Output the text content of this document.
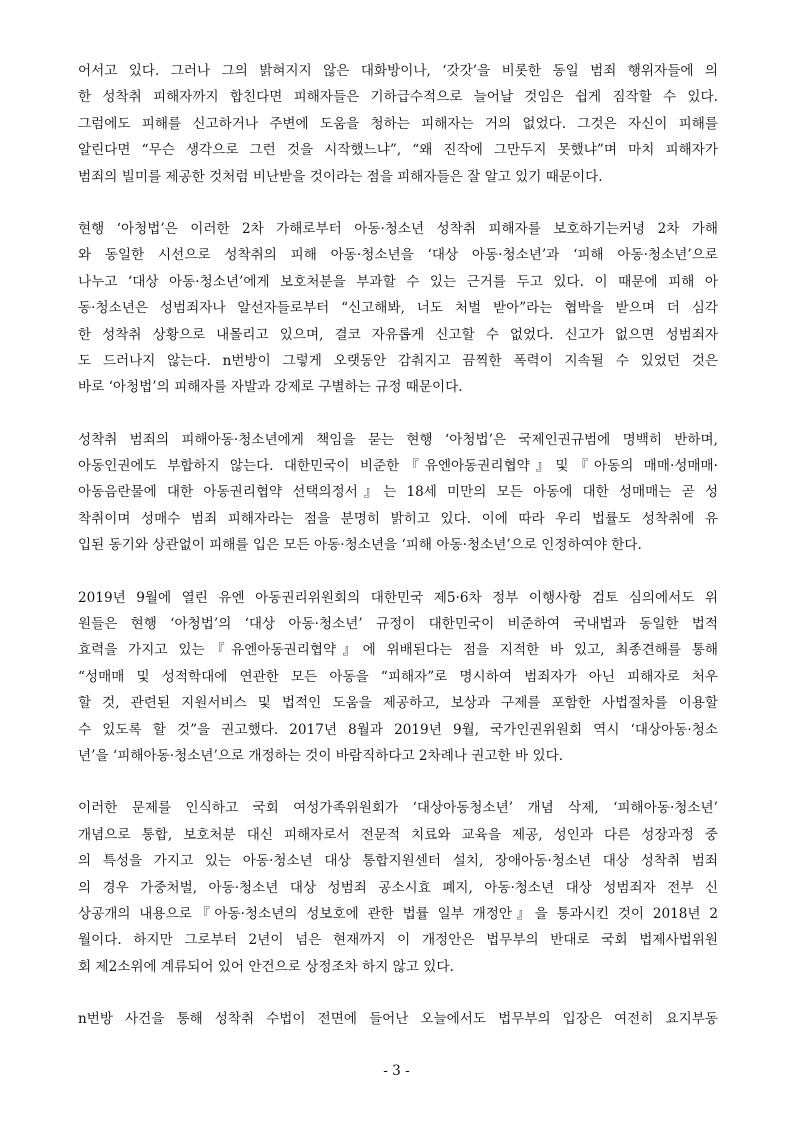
어서고 있다. 그러나 그의 밝혀지지 않은 대화방이나, ‘갓갓’을 비롯한 동일 범죄 행위자들에 의
한 성착취 피해자까지 합친다면 피해자들은 기하급수적으로 늘어날 것임은 쉽게 짐작할 수 있다.
그럼에도 피해를 신고하거나 주변에 도움을 청하는 피해자는 거의 없었다. 그것은 자신이 피해를
알린다면 “무슨 생각으로 그런 것을 시작했느냐”, “왜 진작에 그만두지 못했냐”며 마치 피해자가
범죄의 빌미를 제공한 것처럼 비난받을 것이라는 점을 피해자들은 잘 알고 있기 때문이다.
현행 ‘아청법’은 이러한 2차 가해로부터 아동·청소년 성착취 피해자를 보호하기는커녕 2차 가해
와 동일한 시선으로 성착취의 피해 아동·청소년을 ‘대상 아동·청소년’과 ‘피해 아동·청소년’으로
나누고 ‘대상 아동·청소년’에게 보호처분을 부과할 수 있는 근거를 두고 있다. 이 때문에 피해 아
동·청소년은 성범죄자나 알선자들로부터 “신고해봐, 너도 처벌 받아”라는 협박을 받으며 더 심각
한 성착취 상황으로 내몰리고 있으며, 결코 자유롭게 신고할 수 없었다. 신고가 없으면 성범죄자
도 드러나지 않는다. n번방이 그렇게 오랫동안 감춰지고 끔찍한 폭력이 지속될 수 있었던 것은
바로 ‘아청법’의 피해자를 자발과 강제로 구별하는 규정 때문이다.
성착취 범죄의 피해아동·청소년에게 책임을 묻는 현행 ‘아청법’은 국제인권규범에 명백히 반하며,
아동인권에도 부합하지 않는다. 대한민국이 비준한『유엔아동권리협약』및『아동의 매매·성매매·
아동음란물에 대한 아동권리협약 선택의정서』는 18세 미만의 모든 아동에 대한 성매매는 곧 성
착취이며 성매수 범죄 피해자라는 점을 분명히 밝히고 있다. 이에 따라 우리 법률도 성착취에 유
입된 동기와 상관없이 피해를 입은 모든 아동·청소년을 ‘피해 아동·청소년’으로 인정하여야 한다.
2019년 9월에 열린 유엔 아동권리위원회의 대한민국 제5·6차 정부 이행사항 검토 심의에서도 위
원들은 현행 ‘아청법’의 ‘대상 아동·청소년’ 규정이 대한민국이 비준하여 국내법과 동일한 법적
효력을 가지고 있는『유엔아동권리협약』에 위배된다는 점을 지적한 바 있고, 최종견해를 통해
“성매매 및 성적학대에 연관한 모든 아동을 “피해자”로 명시하여 범죄자가 아닌 피해자로 처우
할 것, 관련된 지원서비스 및 법적인 도움을 제공하고, 보상과 구제를 포함한 사법절차를 이용할
수 있도록 할 것”을 권고했다. 2017년 8월과 2019년 9월, 국가인권위원회 역시 ‘대상아동·청소
년’을 ‘피해아동·청소년’으로 개정하는 것이 바람직하다고 2차례나 권고한 바 있다.
이러한 문제를 인식하고 국회 여성가족위원회가 ‘대상아동청소년’ 개념 삭제, ‘피해아동·청소년’
개념으로 통합, 보호처분 대신 피해자로서 전문적 치료와 교육을 제공, 성인과 다른 성장과정 중
의 특성을 가지고 있는 아동·청소년 대상 통합지원센터 설치, 장애아동·청소년 대상 성착취 범죄
의 경우 가중처벌, 아동·청소년 대상 성범죄 공소시효 폐지, 아동·청소년 대상 성범죄자 전부 신
상공개의 내용으로『아동·청소년의 성보호에 관한 법률 일부 개정안』을 통과시킨 것이 2018년 2
월이다. 하지만 그로부터 2년이 넘은 현재까지 이 개정안은 법무부의 반대로 국회 법제사법위원
회 제2소위에 계류되어 있어 안건으로 상정조차 하지 않고 있다.
n번방 사건을 통해 성착취 수법이 전면에 들어난 오늘에서도 법무부의 입장은 여전히 요지부동
- 3 -
